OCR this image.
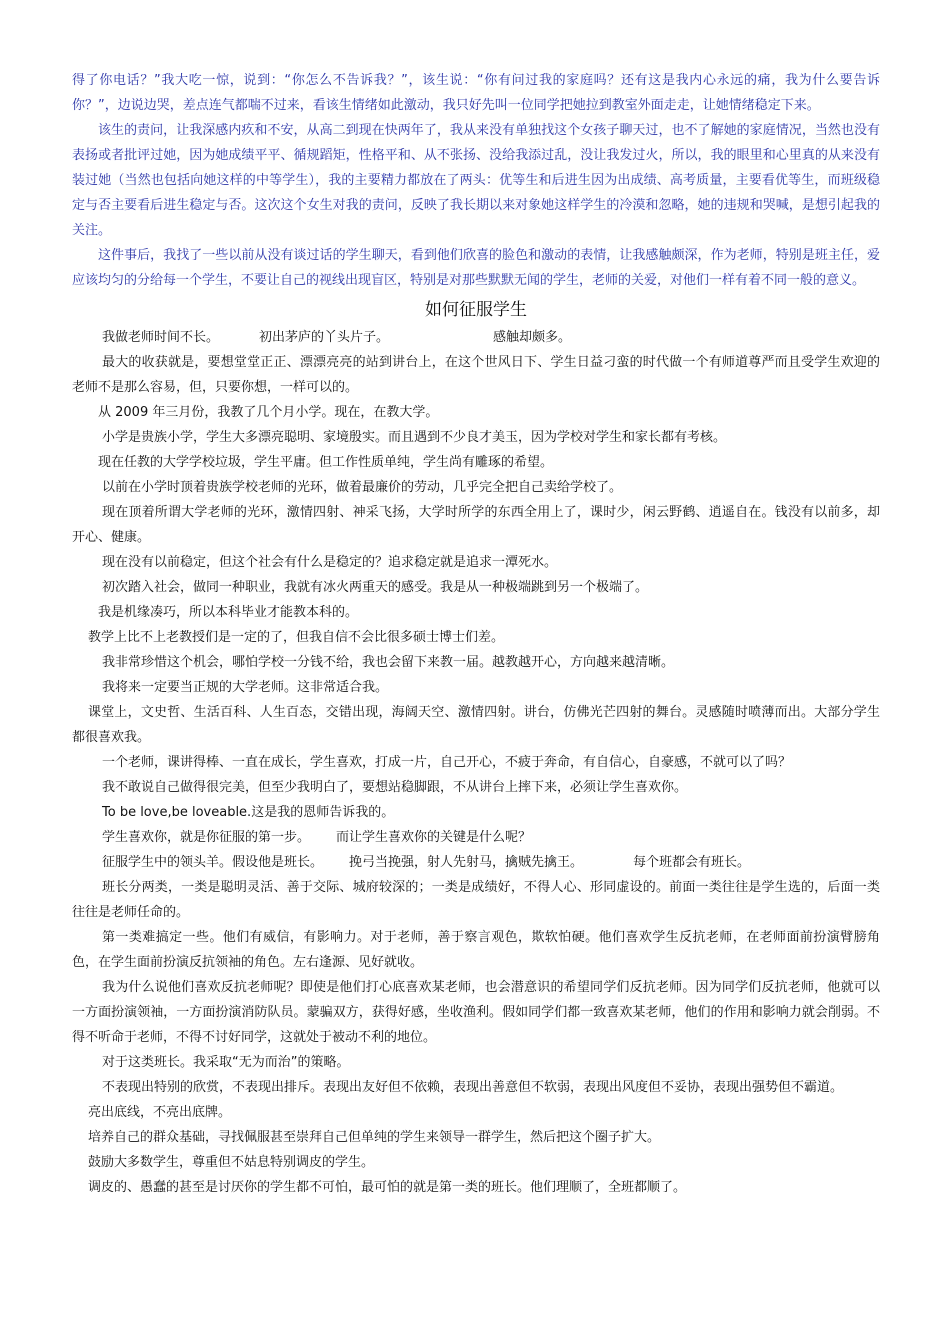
得了你电话？”我大吃一惊，说到：“你怎么不告诉我？”，该生说：“你有问过我的家庭吗？还有这是我内心永远的痛，我为什么要告诉你？”，边说边哭，差点连气都喘不过来，看该生情绪如此激动，我只好先叫一位同学把她拉到教室外面走走，让她情绪稳定下来。

该生的责问，让我深感内疚和不安，从高二到现在快两年了，我从来没有单独找这个女孩子聊天过，也不了解她的家庭情况，当然也没有表扬或者批评过她，因为她成绩平平、循规蹈矩，性格平和、从不张扬、没给我添过乱，没让我发过火，所以，我的眼里和心里真的从来没有装过她（当然也包括向她这样的中等学生），我的主要精力都放在了两头：优等生和后进生因为出成绩、高考质量，主要看优等生，而班级稳定与否主要看后进生稳定与否。这次这个女生对我的责问，反映了我长期以来对象她这样学生的冷漠和忽略，她的违规和哭喊，是想引起我的关注。

这件事后，我找了一些以前从没有谈过话的学生聊天，看到他们欣喜的脸色和激动的表情，让我感触颇深，作为老师，特别是班主任，爱应该均匀的分给每一个学生，不要让自己的视线出现盲区，特别是对那些默默无闻的学生，老师的关爱，对他们一样有着不同一般的意义。

如何征服学生

我做老师时间不长。	初出茅庐的丫头片子。	感触却颇多。

最大的收获就是，要想堂堂正正、漂漂亮亮的站到讲台上，在这个世风日下、学生日益刁蛮的时代做一个有师道尊严而且受学生欢迎的老师不是那么容易，但，只要你想，一样可以的。

从 2009 年三月份，我教了几个月小学。现在，在教大学。

小学是贵族小学，学生大多漂亮聪明、家境殷实。而且遇到不少良才美玉，因为学校对学生和家长都有考核。

现在任教的大学学校垃圾，学生平庸。但工作性质单纯，学生尚有雕琢的希望。

以前在小学时顶着贵族学校老师的光环，做着最廉价的劳动，几乎完全把自己卖给学校了。

现在顶着所谓大学老师的光环，激情四射、神采飞扬，大学时所学的东西全用上了，课时少，闲云野鹤、逍遥自在。钱没有以前多，却开心、健康。

现在没有以前稳定，但这个社会有什么是稳定的？追求稳定就是追求一潭死水。

初次踏入社会，做同一种职业，我就有冰火两重天的感受。我是从一种极端跳到另一个极端了。

我是机缘凑巧，所以本科毕业才能教本科的。

教学上比不上老教授们是一定的了，但我自信不会比很多硕士博士们差。

我非常珍惜这个机会，哪怕学校一分钱不给，我也会留下来教一届。越教越开心，方向越来越清晰。

我将来一定要当正规的大学老师。这非常适合我。

课堂上，文史哲、生活百科、人生百态，交错出现，海阔天空、激情四射。讲台，仿佛光芒四射的舞台。灵感随时喷薄而出。大部分学生都很喜欢我。

一个老师，课讲得棒、一直在成长，学生喜欢，打成一片，自己开心，不疲于奔命，有自信心，自豪感，不就可以了吗？

我不敢说自己做得很完美，但至少我明白了，要想站稳脚跟，不从讲台上摔下来，必须让学生喜欢你。

To be love,be loveable.这是我的恩师告诉我的。

学生喜欢你，就是你征服的第一步。 而让学生喜欢你的关键是什么呢？

征服学生中的领头羊。假设他是班长。 挽弓当挽强，射人先射马，擒贼先擒王。	每个班都会有班长。

班长分两类，一类是聪明灵活、善于交际、城府较深的；一类是成绩好，不得人心、形同虚设的。前面一类往往是学生选的，后面一类往往是老师任命的。

第一类难搞定一些。他们有威信，有影响力。对于老师，善于察言观色，欺软怕硬。他们喜欢学生反抗老师，在老师面前扮演臂膀角色，在学生面前扮演反抗领袖的角色。左右逢源、见好就收。

我为什么说他们喜欢反抗老师呢？即使是他们打心底喜欢某老师，也会潜意识的希望同学们反抗老师。因为同学们反抗老师，他就可以一方面扮演领袖，一方面扮演消防队员。蒙骗双方，获得好感，坐收渔利。假如同学们都一致喜欢某老师，他们的作用和影响力就会削弱。不得不听命于老师，不得不讨好同学，这就处于被动不利的地位。

对于这类班长。我采取“无为而治”的策略。

不表现出特别的欣赏，不表现出排斥。表现出友好但不依赖，表现出善意但不软弱，表现出风度但不妥协，表现出强势但不霸道。

亮出底线，不亮出底牌。

培养自己的群众基础，寻找佩服甚至崇拜自己但单纯的学生来领导一群学生，然后把这个圈子扩大。

鼓励大多数学生，尊重但不姑息特别调皮的学生。

调皮的、愚蠢的甚至是讨厌你的学生都不可怕，最可怕的就是第一类的班长。他们理顺了，全班都顺了。
